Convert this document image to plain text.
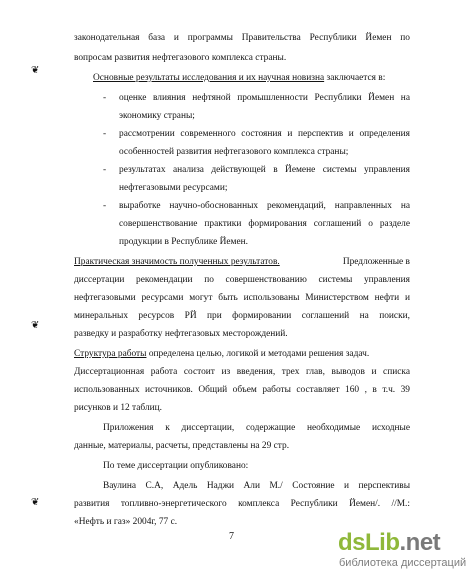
❦
❦
❦
законодательная база и программы Правительства Республики Йемен по
вопросам развития нефтегазового комплекса страны.
Основные результаты исследования и их научная новизна заключается в:
- оценке влияния нефтяной промышленности Республики Йемен на
экономику страны;
- рассмотрении современного состояния и перспектив и определения
особенностей развития нефтегазового комплекса страны;
- результатах анализа действующей в Йемене системы управления
нефтегазовыми ресурсами;
- выработке научно-обоснованных рекомендаций, направленных на
совершенствование практики формирования соглашений о разделе
продукции в Республике Йемен.
Практическая значимость полученных результатов.	Предложенные в
диссертации рекомендации по совершенствованию системы управления
нефтегазовыми ресурсами могут быть использованы Министерством нефти и
минеральных ресурсов РЙ при формировании соглашений на поиски,
разведку и разработку нефтегазовых месторождений.
Структура работы определена целью, логикой и методами решения задач.
Диссертационная работа состоит из введения, трех глав, выводов и списка
использованных источников. Общий объем работы составляет 160 , в т.ч. 39
рисунков и 12 таблиц.
Приложения к диссертации, содержащие необходимые исходные
данные, материалы, расчеты, представлены на 29 стр.
По теме диссертации опубликовано:
Ваулина С.А, Адель Наджи Али М./ Состояние и перспективы
развития топливно-энергетического комплекса Республики Йемен/. //М.:
«Нефть и газ» 2004г, 77 с.
7	dsLib.net
библиотека диссертаций
